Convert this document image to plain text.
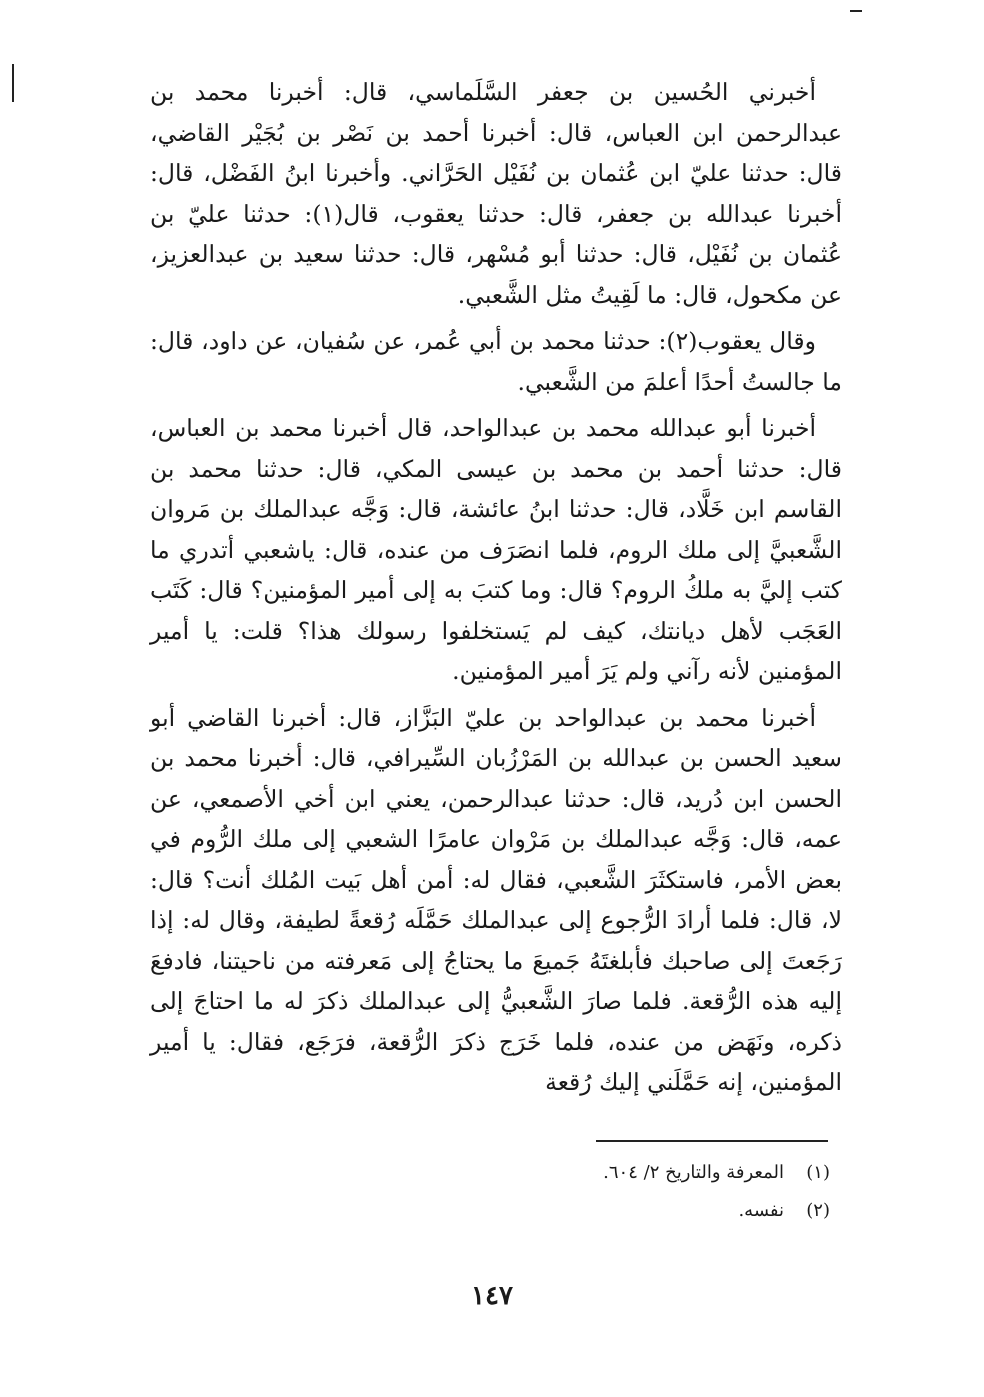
أخبرني الحُسين بن جعفر السَّلَماسي، قال: أخبرنا محمد بن عبدالرحمن ابن العباس، قال: أخبرنا أحمد بن نَصْر بن بُجَيْر القاضي، قال: حدثنا عليّ ابن عُثمان بن نُفَيْل الحَرَّاني. وأخبرنا ابنُ الفَضْل، قال: أخبرنا عبدالله بن جعفر، قال: حدثنا يعقوب، قال(١): حدثنا عليّ بن عُثمان بن نُفَيْل، قال: حدثنا أبو مُسْهر، قال: حدثنا سعيد بن عبدالعزيز، عن مكحول، قال: ما لَقِيتُ مثل الشَّعبي.

وقال يعقوب(٢): حدثنا محمد بن أبي عُمر، عن سُفيان، عن داود، قال: ما جالستُ أحدًا أعلمَ من الشَّعبي.

أخبرنا أبو عبدالله محمد بن عبدالواحد، قال أخبرنا محمد بن العباس، قال: حدثنا أحمد بن محمد بن عيسى المكي، قال: حدثنا محمد بن القاسم ابن خَلَّاد، قال: حدثنا ابنُ عائشة، قال: وَجَّه عبدالملك بن مَروان الشَّعبيَّ إلى ملك الروم، فلما انصَرَف من عنده، قال: ياشعبي أتدري ما كتب إليَّ به ملكُ الروم؟ قال: وما كتبَ به إلى أمير المؤمنين؟ قال: كَتَب العَجَب لأهل ديانتك، كيف لم يَستخلفوا رسولك هذا؟ قلت: يا أمير المؤمنين لأنه رآني ولم يَرَ أمير المؤمنين.

أخبرنا محمد بن عبدالواحد بن عليّ البَزَّاز، قال: أخبرنا القاضي أبو سعيد الحسن بن عبدالله بن المَرْزُبان السِّيرافي، قال: أخبرنا محمد بن الحسن ابن دُريد، قال: حدثنا عبدالرحمن، يعني ابن أخي الأصمعي، عن عمه، قال: وَجَّه عبدالملك بن مَرْوان عامرًا الشعبي إلى ملك الرُّوم في بعض الأمر، فاستكثَرَ الشَّعبي، فقال له: أمن أهل بَيت المُلك أنت؟ قال: لا، قال: فلما أرادَ الرُّجوع إلى عبدالملك حَمَّلَه رُقعةً لطيفة، وقال له: إذا رَجَعتَ إلى صاحبك فأبلغتَهُ جَميعَ ما يحتاجُ إلى مَعرفته من ناحيتنا، فادفعَ إليه هذه الرُّقعة. فلما صارَ الشَّعبيُّ إلى عبدالملك ذكرَ له ما احتاجَ إلى ذكره، ونَهَض من عنده، فلما خَرَج ذكرَ الرُّقعة، فرَجَع، فقال: يا أمير المؤمنين، إنه حَمَّلَني إليك رُقعة

(١)
المعرفة والتاريخ ٢/ ٦٠٤.
(٢)
نفسه.
١٤٧
